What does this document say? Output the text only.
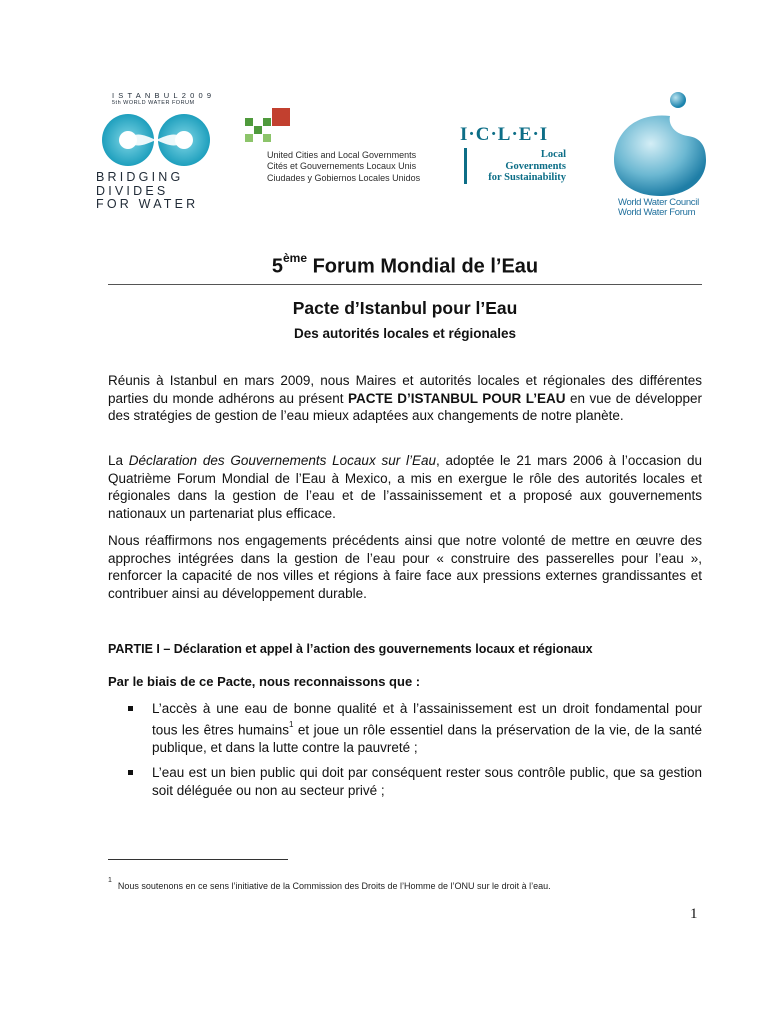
ISTANBUL2009
5th WORLD WATER FORUM
BRIDGING
DIVIDES
FOR WATER
United Cities and Local Governments
Cités et Gouvernements Locaux Unis
Ciudades y Gobiernos Locales Unidos
I·C·L·E·I
Local
Governments
for Sustainability
World Water Council
World Water Forum
5ème Forum Mondial de l’Eau
Pacte d’Istanbul pour l’Eau
Des autorités locales et régionales
Réunis à Istanbul en mars 2009, nous Maires et autorités locales et régionales des différentes parties du monde adhérons au présent PACTE D’ISTANBUL POUR L’EAU en vue de développer des stratégies de gestion de l’eau mieux adaptées aux changements de notre planète.
La Déclaration des Gouvernements Locaux sur l’Eau, adoptée le 21 mars 2006 à l’occasion du Quatrième Forum Mondial de l’Eau à Mexico, a mis en exergue le rôle des autorités locales et régionales dans la gestion de l’eau et de l’assainissement et a proposé aux gouvernements nationaux un partenariat plus efficace.
Nous réaffirmons nos engagements précédents ainsi que notre volonté de mettre en œuvre des approches intégrées dans la gestion de l’eau pour « construire des passerelles pour l’eau », renforcer la capacité de nos villes et régions à faire face aux pressions externes grandissantes et contribuer ainsi au développement durable.
PARTIE I – Déclaration et appel à l’action des gouvernements locaux et régionaux
Par le biais de ce Pacte, nous reconnaissons que :
L’accès à une eau de bonne qualité et à l’assainissement est un droit fondamental pour tous les êtres humains$^1$ et joue un rôle essentiel dans la préservation de la vie, de la santé publique, et dans la lutte contre la pauvreté ;
L’eau est un bien public qui doit par conséquent rester sous contrôle public, que sa gestion soit déléguée ou non au secteur privé ;
$^1$Nous soutenons en ce sens l’initiative de la Commission des Droits de l’Homme de l’ONU sur le droit à l’eau.
1
